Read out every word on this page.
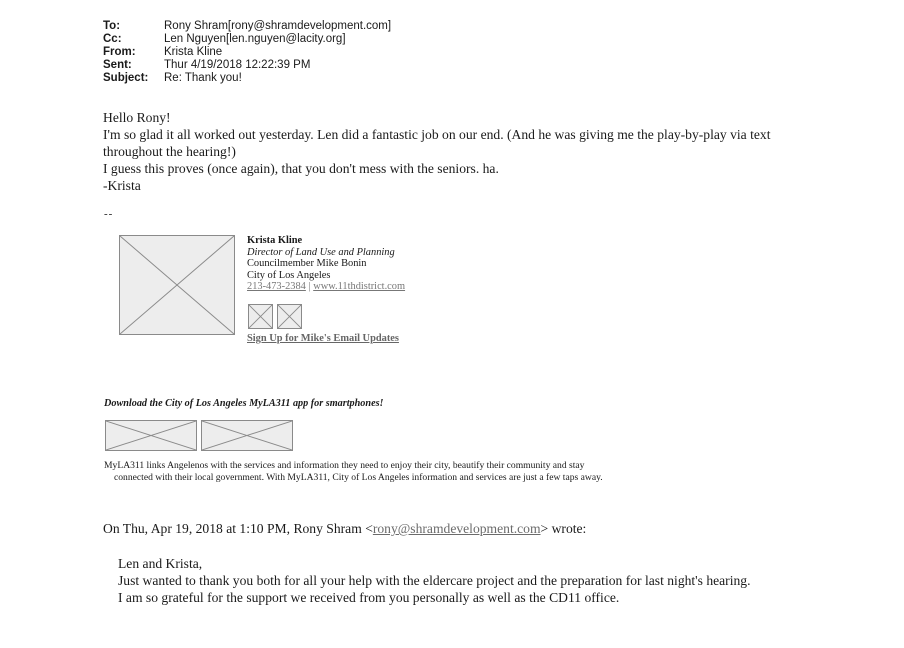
To:	Rony Shram[rony@shramdevelopment.com]
Cc:	Len Nguyen[len.nguyen@lacity.org]
From:	Krista Kline
Sent:	Thur 4/19/2018 12:22:39 PM
Subject:	Re: Thank you!

Hello Rony!

I'm so glad it all worked out yesterday. Len did a fantastic job on our end. (And he was giving me the play-by-play via text throughout the hearing!)

I guess this proves (once again), that you don't mess with the seniors. ha.

-Krista

--
Krista Kline
Director of Land Use and Planning
Councilmember Mike Bonin
City of Los Angeles
213-473-2384 | www.11thdistrict.com
Sign Up for Mike's Email Updates
Download the City of Los Angeles MyLA311 app for smartphones!
MyLA311 links Angelenos with the services and information they need to enjoy their city, beautify their community and stay
connected with their local government. With MyLA311, City of Los Angeles information and services are just a few taps away.
On Thu, Apr 19, 2018 at 1:10 PM, Rony Shram <rony@shramdevelopment.com> wrote:

Len and Krista,

Just wanted to thank you both for all your help with the eldercare project and the preparation for last night's hearing. I am so grateful for the support we received from you personally as well as the CD11 office.
